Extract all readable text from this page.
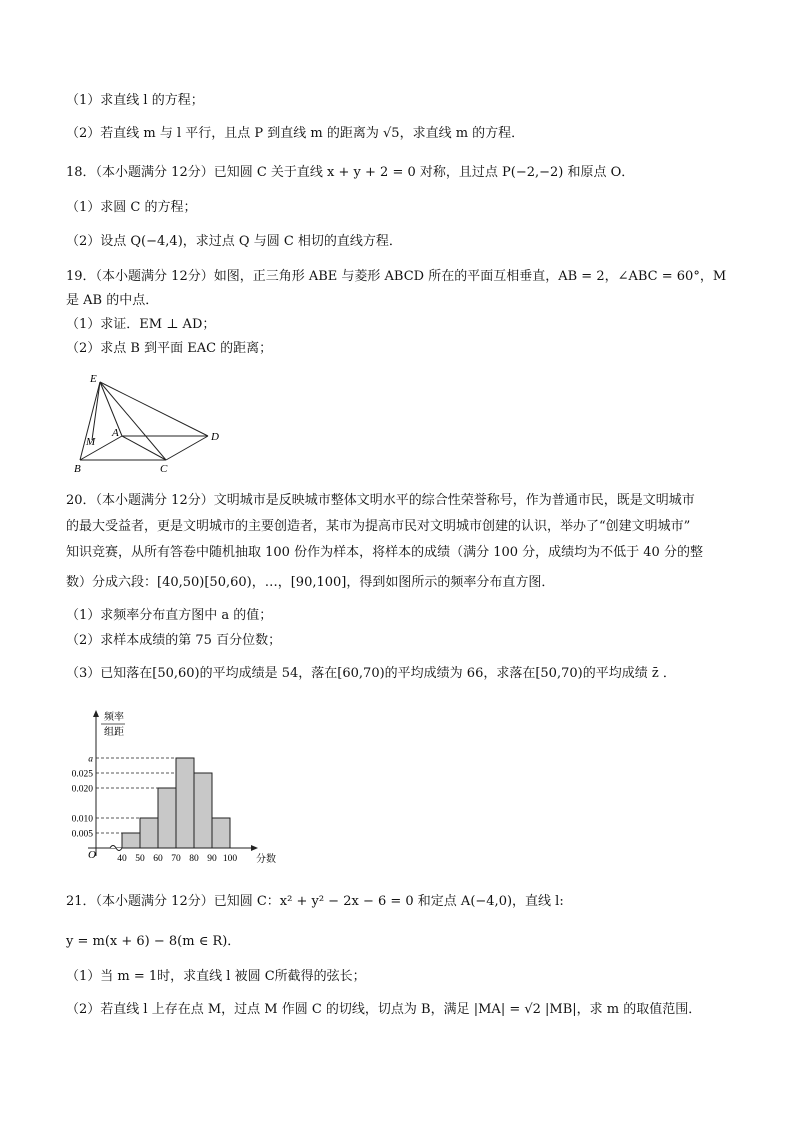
（1）求直线 l 的方程；
（2）若直线 m 与 l 平行，且点 P 到直线 m 的距离为 √5，求直线 m 的方程．
18．（本小题满分 12分）已知圆 C 关于直线 x + y + 2 = 0 对称，且过点 P(−2,−2) 和原点 O．
（1）求圆 C 的方程；
（2）设点 Q(−4,4)，求过点 Q 与圆 C 相切的直线方程．
19．（本小题满分 12分）如图，正三角形 ABE 与菱形 ABCD 所在的平面互相垂直，AB = 2，∠ABC = 60°，M
是 AB 的中点．
（1）求证．EM ⊥ AD；
（2）求点 B 到平面 EAC 的距离；
E
M
A
B	C
D
20．（本小题满分 12分）文明城市是反映城市整体文明水平的综合性荣誉称号，作为普通市民，既是文明城市
的最大受益者，更是文明城市的主要创造者，某市为提高市民对文明城市创建的认识，举办了“创建文明城市”
知识竞赛，从所有答卷中随机抽取 100 份作为样本，将样本的成绩（满分 100 分，成绩均为不低于 40 分的整
数）分成六段：[40,50)[50,60)，…，[90,100]，得到如图所示的频率分布直方图．
（1）求频率分布直方图中 a 的值；
（2）求样本成绩的第 75 百分位数；
（3）已知落在[50,60)的平均成绩是 54，落在[60,70)的平均成绩为 66，求落在[50,70)的平均成绩 z̄ ．
频率
组距
O	分数
a
0.025
0.020
0.010
0.005
40 50 60 70 80 90 100
21．（本小题满分 12分）已知圆 C：x² + y² − 2x − 6 = 0 和定点 A(−4,0)，直线 l:
y = m(x + 6) − 8(m ∈ R)．
（1）当 m = 1时，求直线 l 被圆 C所截得的弦长；
（2）若直线 l 上存在点 M，过点 M 作圆 C 的切线，切点为 B，满足 |MA| = √2 |MB|，求 m 的取值范围．
